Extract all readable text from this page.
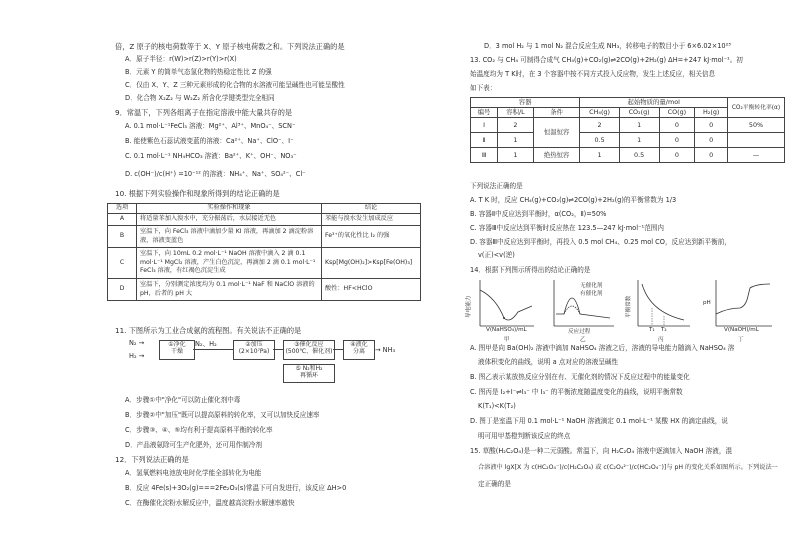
倍，Z 原子的核电荷数等于 X、Y 原子核电荷数之和。下列说法正确的是
A．原子半径：r(W)>r(Z)>r(Y)>r(X)
B．元素 Y 的简单气态氢化物的热稳定性比 Z 的强
C．仅由 X、Y、Z 三种元素形成的化合物的水溶液可能呈碱性也可能呈酸性
D．化合物 X₂Z₂ 与 W₂Z₂ 所含化学键类型完全相同
9．常温下，下列各组离子在指定溶液中能大量共存的是
A. 0.1 mol·L⁻¹FeCl₃ 溶液：Mg²⁺、Al³⁺、MnO₄⁻、SCN⁻
B. 能使紫色石蕊试液变蓝的溶液：Ca²⁺、Na⁺、ClO⁻、I⁻
C. 0.1 mol·L⁻¹ NH₄HCO₃ 溶液：Ba²⁺、K⁺、OH⁻、NO₃⁻
D. c(OH⁻)/c(H⁺) =10⁻¹² 的溶液：NH₄⁺、Na⁺、SO₄²⁻、Cl⁻
10. 根据下列实验操作和现象所得到的结论正确的是
选项	实验操作和现象	结论
A	将适量苯加入溴水中，充分振荡后，水层接近无色	苯能与溴水发生加成反应
B	室温下，向 FeCl₃ 溶液中滴加少量 KI 溶液，再滴加 2 滴淀粉溶液，溶液变蓝色	Fe³⁺的氧化性比 I₂ 的强
C	室温下，向 10mL 0.2 mol·L⁻¹ NaOH 溶液中滴入 2 滴 0.1 mol·L⁻¹ MgCl₂ 溶液，产生白色沉淀，再滴加 2 滴 0.1 mol·L⁻¹ FeCl₃ 溶液，有红褐色沉淀生成	Ksp[Mg(OH)₂]>Ksp[Fe(OH)₃]
D	室温下，分别测定浓度均为 0.1 mol·L⁻¹ NaF 和 NaClO 溶液的 pH，后者的 pH 大	酸性：HF<HClO
11. 下图所示为工业合成氨的流程图。有关说法不正确的是
N₂ →
H₂ →
①净化
干燥
N₂、H₂	②加压
(2×10⁷Pa)
③催化反应
(500℃、催化剂)
④液化
分离	→ NH₃
⑤ N₂和H₂
再循环
A．步骤①中"净化"可以防止催化剂中毒
B．步骤②中"加压"既可以提高原料的转化率，又可以加快反应速率
C．步骤③、④、⑤均有利于提高原料平衡的转化率
D．产品液氨除可生产化肥外，还可用作制冷剂
12．下列说法正确的是
A．氢氧燃料电池放电时化学能全部转化为电能
B．反应 4Fe(s)+3O₂(g)===2Fe₂O₃(s)常温下可自发进行，该反应 ΔH>0
C．在酶催化淀粉水解反应中，温度越高淀粉水解速率越快
D．3 mol H₂ 与 1 mol N₂ 混合反应生成 NH₃，转移电子的数目小于 6×6.02×10²³
13. CO₂ 与 CH₄ 可制得合成气 CH₄(g)+CO₂(g)⇌2CO(g)+2H₂(g) ΔH=+247 kJ·mol⁻¹。初
始温度均为 T K时，在 3 个容器中按不同方式投入反应物，发生上述反应，相关信息
如下表：
容器			起始物质的量/mol				CO₂平衡转化率(α)
编号	容积/L	条件	CH₄(g)	CO₂(g)	CO(g)	H₂(g)	
Ⅰ	2	恒温恒容	2	1	0	0	50%
Ⅱ	1		0.5	1	0	0	
Ⅲ	1	绝热恒容	1	0.5	0	0	—
下列说法正确的是
A. T K 时，反应 CH₄(g)+CO₂(g)⇌2CO(g)+2H₂(g)的平衡常数为 1/3
B. 容器Ⅱ中反应达到平衡时，α(CO₂，Ⅱ)=50%
C. 容器Ⅲ中反应达到平衡时反应热在 123.5—247 kJ·mol⁻¹范围内
D. 容器Ⅲ中反应达到平衡时，再投入 0.5 mol CH₄、0.25 mol CO，反应达到新平衡前，
v(正)<v(逆)
14．根据下列图示所得出的结论正确的是
导电能力
V(NaHSO₄)/mL
甲
无催化剂
有催化剂
反应过程
乙
平衡常数
T₁ T₂
丙
pH
V(NaOH)/mL
丁
A. 图甲是向 Ba(OH)₂ 溶液中滴加 NaHSO₄ 溶液之后，溶液的导电能力随滴入 NaHSO₄ 溶
液体积变化的曲线，说明 a 点对应的溶液呈碱性
B. 图乙表示某放热反应分别在有、无催化剂的情况下反应过程中的能量变化
C. 图丙是 I₂+I⁻⇌I₃⁻ 中 I₃⁻ 的平衡浓度随温度变化的曲线，说明平衡常数
K(T₁)<K(T₂)
D. 图丁是室温下用 0.1 mol·L⁻¹ NaOH 溶液滴定 0.1 mol·L⁻¹ 某酸 HX 的滴定曲线，说
明可用甲基橙判断该反应的终点
15. 草酸(H₂C₂O₄)是一种二元弱酸。常温下，向 H₂C₂O₄ 溶液中逐滴加入 NaOH 溶液，混
合溶液中 lgX[X 为 c(HC₂O₄⁻)/c(H₂C₂O₄) 或 c(C₂O₄²⁻)/c(HC₂O₄⁻)]与 pH 的变化关系如图所示。下列说法一
定正确的是
